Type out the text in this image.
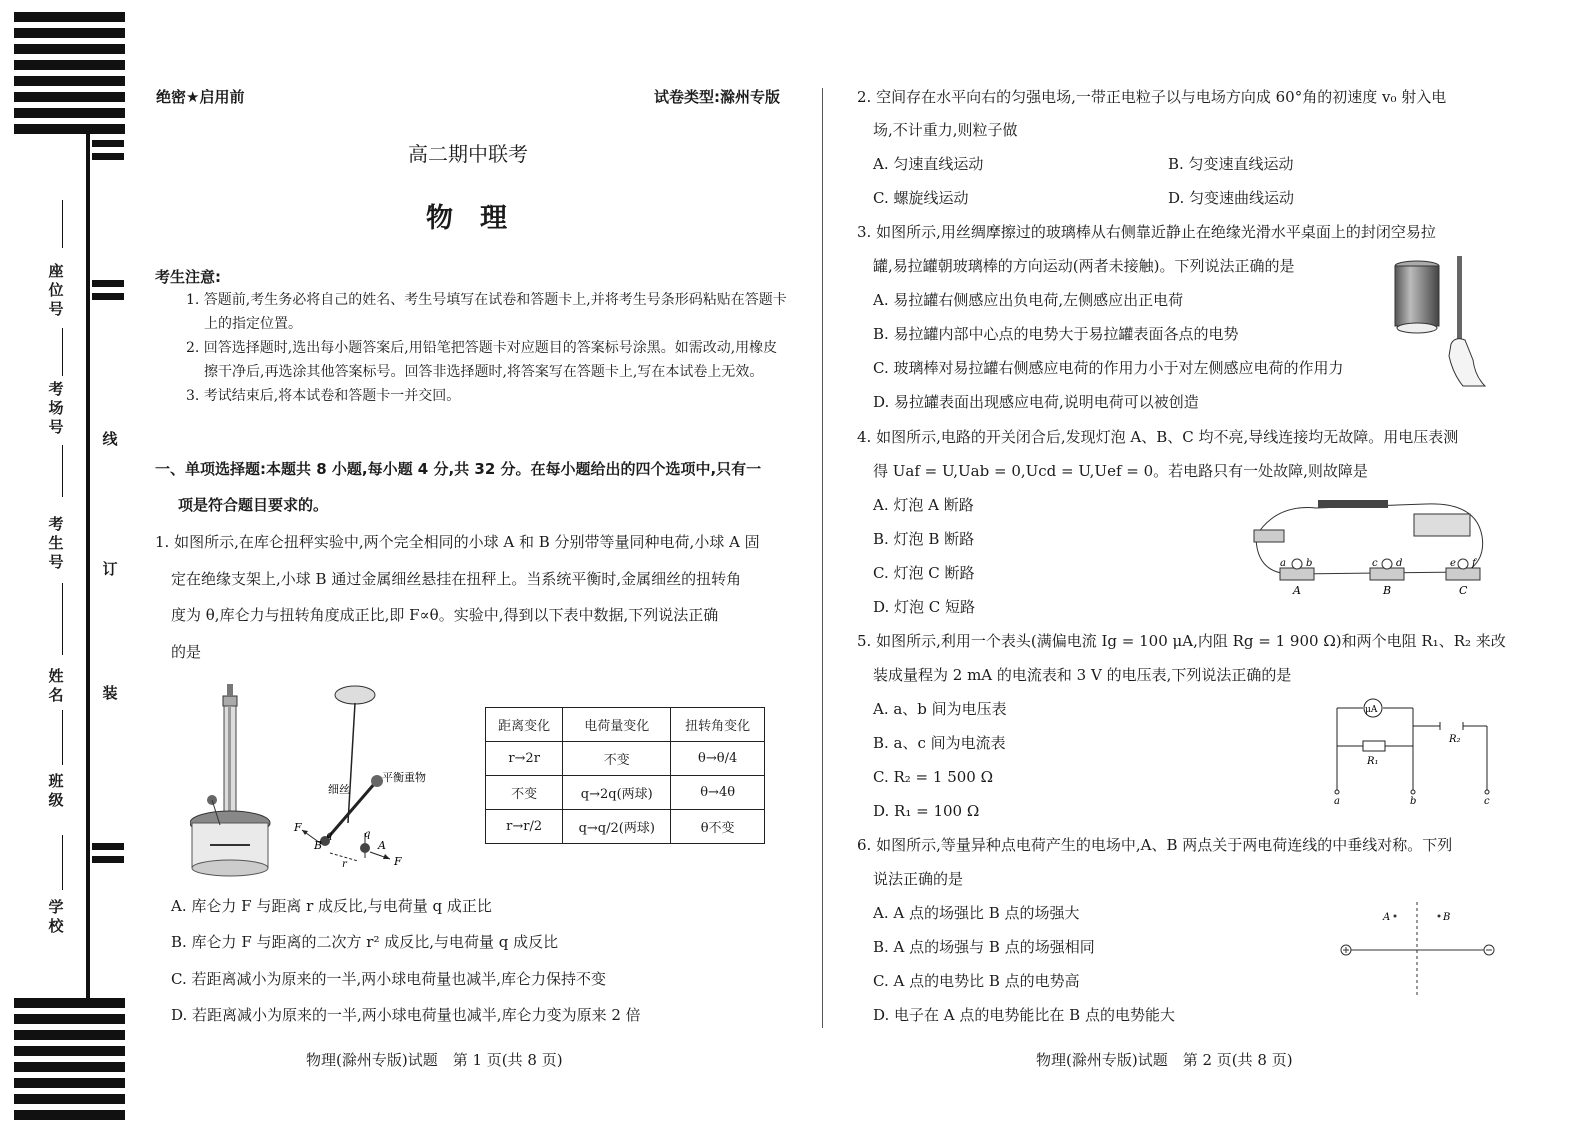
座位号
考场号
考生号
姓名
班级
学校
线
订
装
绝密★启用前	试卷类型:滁州专版
高二期中联考
物　理
考生注意:
1. 答题前,考生务必将自己的姓名、考生号填写在试卷和答题卡上,并将考生号条形码粘贴在答题卡上的指定位置。
2. 回答选择题时,选出每小题答案后,用铅笔把答题卡对应题目的答案标号涂黑。如需改动,用橡皮擦干净后,再选涂其他答案标号。回答非选择题时,将答案写在答题卡上,写在本试卷上无效。
3. 考试结束后,将本试卷和答题卡一并交回。
一、单项选择题:本题共 8 小题,每小题 4 分,共 32 分。在每小题给出的四个选项中,只有一
项是符合题目要求的。
1. 如图所示,在库仑扭秤实验中,两个完全相同的小球 A 和 B 分别带等量同种电荷,小球 A 固
定在绝缘支架上,小球 B 通过金属细丝悬挂在扭秤上。当系统平衡时,金属细丝的扭转角
度为 θ,库仑力与扭转角度成正比,即 F∝θ。实验中,得到以下表中数据,下列说法正确
的是
细丝
平衡重物
F
F
q	q
B	A
r
距离变化	电荷量变化	扭转角变化
r→2r	不变	θ→θ/4
不变	q→2q(两球)	θ→4θ
r→r/2	q→q/2(两球)	θ不变
A. 库仑力 F 与距离 r 成反比,与电荷量 q 成正比
B. 库仑力 F 与距离的二次方 r² 成反比,与电荷量 q 成反比
C. 若距离减小为原来的一半,两小球电荷量也减半,库仑力保持不变
D. 若距离减小为原来的一半,两小球电荷量也减半,库仑力变为原来 2 倍
物理(滁州专版)试题　第 1 页(共 8 页)
2. 空间存在水平向右的匀强电场,一带正电粒子以与电场方向成 60°角的初速度 v₀ 射入电
场,不计重力,则粒子做
A. 匀速直线运动	B. 匀变速直线运动
C. 螺旋线运动	D. 匀变速曲线运动
3. 如图所示,用丝绸摩擦过的玻璃棒从右侧靠近静止在绝缘光滑水平桌面上的封闭空易拉
罐,易拉罐朝玻璃棒的方向运动(两者未接触)。下列说法正确的是
A. 易拉罐右侧感应出负电荷,左侧感应出正电荷
B. 易拉罐内部中心点的电势大于易拉罐表面各点的电势
C. 玻璃棒对易拉罐右侧感应电荷的作用力小于对左侧感应电荷的作用力
D. 易拉罐表面出现感应电荷,说明电荷可以被创造
4. 如图所示,电路的开关闭合后,发现灯泡 A、B、C 均不亮,导线连接均无故障。用电压表测
得 Uaf = U,Uab = 0,Ucd = U,Uef = 0。若电路只有一处故障,则故障是
A. 灯泡 A 断路
B. 灯泡 B 断路
C. 灯泡 C 断路
D. 灯泡 C 短路
a b	c d	e f
A	B	C
5. 如图所示,利用一个表头(满偏电流 Ig = 100 μA,内阻 Rg = 1 900 Ω)和两个电阻 R₁、R₂ 来改
装成量程为 2 mA 的电流表和 3 V 的电压表,下列说法正确的是
A. a、b 间为电压表
B. a、c 间为电流表
C. R₂ = 1 500 Ω
D. R₁ = 100 Ω
μA
R₁
R₂
a	b	c
6. 如图所示,等量异种点电荷产生的电场中,A、B 两点关于两电荷连线的中垂线对称。下列
说法正确的是
A. A 点的场强比 B 点的场强大
B. A 点的场强与 B 点的场强相同
C. A 点的电势比 B 点的电势高
D. 电子在 A 点的电势能比在 B 点的电势能大
A	B
物理(滁州专版)试题　第 2 页(共 8 页)
